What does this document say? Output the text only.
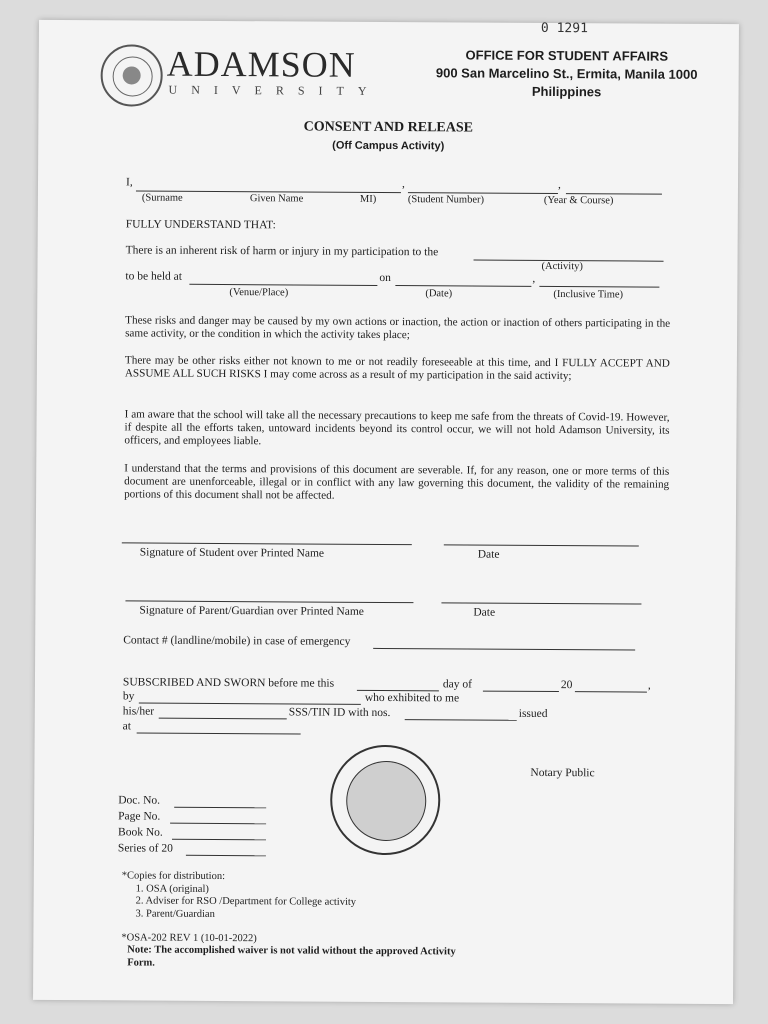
0 1291
ADAMSON
UNIVERSITY
OFFICE FOR STUDENT AFFAIRS
900 San Marcelino St., Ermita, Manila 1000
Philippines
CONSENT AND RELEASE
(Off Campus Activity)
I,	,	,
(Surname	Given Name	MI)	(Student Number)	(Year & Course)
FULLY UNDERSTAND THAT:
There is an inherent risk of harm or injury in my participation to the
(Activity)
to be held at	on	,
(Venue/Place)	(Date)	(Inclusive Time)
These risks and danger may be caused by my own actions or inaction, the action or inaction of others participating in the same activity, or the condition in which the activity takes place;
There may be other risks either not known to me or not readily foreseeable at this time, and I FULLY ACCEPT AND ASSUME ALL SUCH RISKS I may come across as a result of my participation in the said activity;
I am aware that the school will take all the necessary precautions to keep me safe from the threats of Covid-19. However, if despite all the efforts taken, untoward incidents beyond its control occur, we will not hold Adamson University, its officers, and employees liable.
I understand that the terms and provisions of this document are severable. If, for any reason, one or more terms of this document are unenforceable, illegal or in conflict with any law governing this document, the validity of the remaining portions of this document shall not be affected.
Signature of Student over Printed Name	Date
Signature of Parent/Guardian over Printed Name	Date
Contact # (landline/mobile) in case of emergency
SUBSCRIBED AND SWORN before me this	day of	20	,
by	who exhibited to me
his/her	SSS/TIN ID with nos.	issued
at
Notary Public
Doc. No.
Page No.
Book No.
Series of 20
*Copies for distribution:
1. OSA (original)
2. Adviser for RSO /Department for College activity
3. Parent/Guardian
*OSA-202 REV 1 (10-01-2022)
Note: The accomplished waiver is not valid without the approved Activity
Form.
